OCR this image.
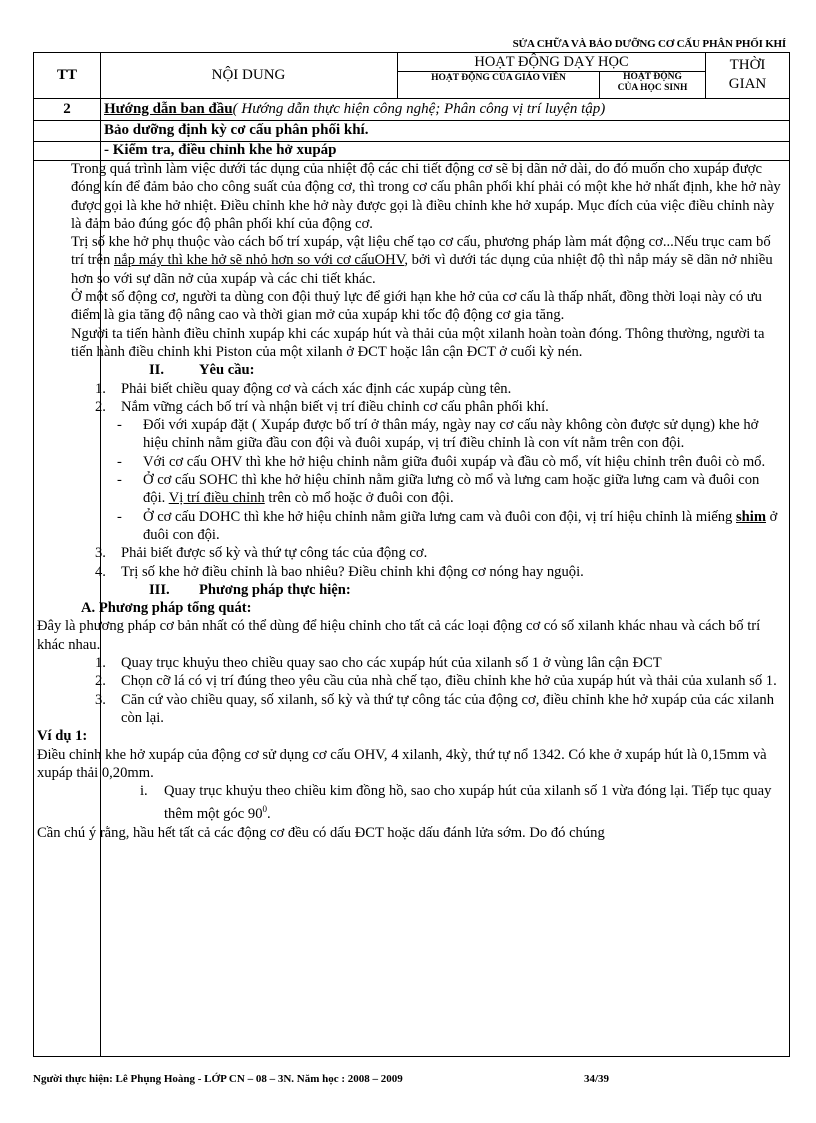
SỬA CHỮA VÀ BẢO DƯỠNG CƠ CẤU PHÂN PHỐI KHÍ
TT	NỘI DUNG
HOẠT ĐỘNG DẠY HỌC
HOẠT ĐỘNG CỦA GIÁO VIÊN	HOẠT ĐỘNG
CỦA HỌC SINH
THỜI
GIAN
2	Hướng dẫn ban đầu( Hướng dẫn thực hiện công nghệ; Phân công vị trí luyện tập)
Bảo dưỡng định kỳ cơ cấu phân phối khí.
- Kiểm tra, điều chỉnh khe hở xupáp

Trong quá trình làm việc dưới tác dụng của nhiệt độ các chi tiết động cơ sẽ bị dãn nở dài, do đó muốn cho xupáp được đóng kín để đảm bảo cho công suất của động cơ, thì trong cơ cấu phân phối khí phải có một khe hở nhất định, khe hở này được gọi là khe hở nhiệt. Điều chỉnh khe hở này được gọi là điều chỉnh khe hở xupáp. Mục đích của việc điều chỉnh này là đảm bảo đúng góc độ phân phối khí của động cơ.

Trị số khe hở phụ thuộc vào cách bố trí xupáp, vật liệu chế tạo cơ cấu, phương pháp làm mát động cơ...Nếu trục cam bố trí trên nắp máy thì khe hở sẽ nhỏ hơn so với cơ cấuOHV, bởi vì dưới tác dụng của nhiệt độ thì nắp máy sẽ dãn nở nhiều hơn so với sự dãn nở của xupáp và các chi tiết khác.

Ở một số động cơ, người ta dùng con đội thuỷ lực để giới hạn khe hở của cơ cấu là thấp nhất, đồng thời loại này có ưu điểm là gia tăng độ nâng cao và thời gian mở của xupáp khi tốc độ động cơ gia tăng.

Người ta tiến hành điều chỉnh xupáp khi các xupáp hút và thải của một xilanh hoàn toàn đóng. Thông thường, người ta tiến hành điều chỉnh khi Piston của một xilanh ở ĐCT hoặc lân cận ĐCT ở cuối kỳ nén.

II. Yêu cầu:
1. Phải biết chiều quay động cơ và cách xác định các xupáp cùng tên.
2. Nắm vững cách bố trí và nhận biết vị trí điều chỉnh cơ cấu phân phối khí.
- Đối với xupáp đặt ( Xupáp được bố trí ở thân máy, ngày nay cơ cấu này không còn được sử dụng) khe hở hiệu chỉnh nằm giữa đầu con đội và đuôi xupáp, vị trí điều chỉnh là con vít nằm trên con đội.
- Với cơ cấu OHV thì khe hở hiệu chỉnh nằm giữa đuôi xupáp và đầu cò mổ, vít hiệu chỉnh trên đuôi cò mổ.
- Ở cơ cấu SOHC thì khe hở hiệu chỉnh nằm giữa lưng cò mổ và lưng cam hoặc giữa lưng cam và đuôi con đội. Vị trí điều chỉnh trên cò mổ hoặc ở đuôi con đội.
- Ở cơ cấu DOHC thì khe hở hiệu chỉnh nằm giữa lưng cam và đuôi con đội, vị trí hiệu chỉnh là miếng shim ở đuôi con đội.
3. Phải biết được số kỳ và thứ tự công tác của động cơ.
4. Trị số khe hở điều chỉnh là bao nhiêu? Điều chỉnh khi động cơ nóng hay nguội.
III. Phương pháp thực hiện:
A. Phương pháp tổng quát:

Đây là phương pháp cơ bản nhất có thể dùng để hiệu chỉnh cho tất cả các loại động cơ có số xilanh khác nhau và cách bố trí khác nhau.

1. Quay trục khuỷu theo chiều quay sao cho các xupáp hút của xilanh số 1 ở vùng lân cận ĐCT
2. Chọn cỡ lá có vị trí đúng theo yêu cầu của nhà chế tạo, điều chỉnh khe hở của xupáp hút và thải của xulanh số 1.
3. Căn cứ vào chiều quay, số xilanh, số kỳ và thứ tự công tác của động cơ, điều chỉnh khe hở xupáp của các xilanh còn lại.
Ví dụ 1:

Điều chỉnh khe hở xupáp của động cơ sử dụng cơ cấu OHV, 4 xilanh, 4kỳ, thứ tự nổ 1342. Có khe ở xupáp hút là 0,15mm và xupáp thải 0,20mm.

i. Quay trục khuỷu theo chiều kim đồng hồ, sao cho xupáp hút của xilanh số 1 vừa đóng lại. Tiếp tục quay thêm một góc $90^0$.

Cần chú ý rằng, hầu hết tất cả các động cơ đều có dấu ĐCT hoặc dấu đánh lửa sớm. Do đó chúng

Người thực hiện: Lê Phụng Hoàng - LỚP CN – 08 – 3N. Năm học : 2008 – 2009	34/39
